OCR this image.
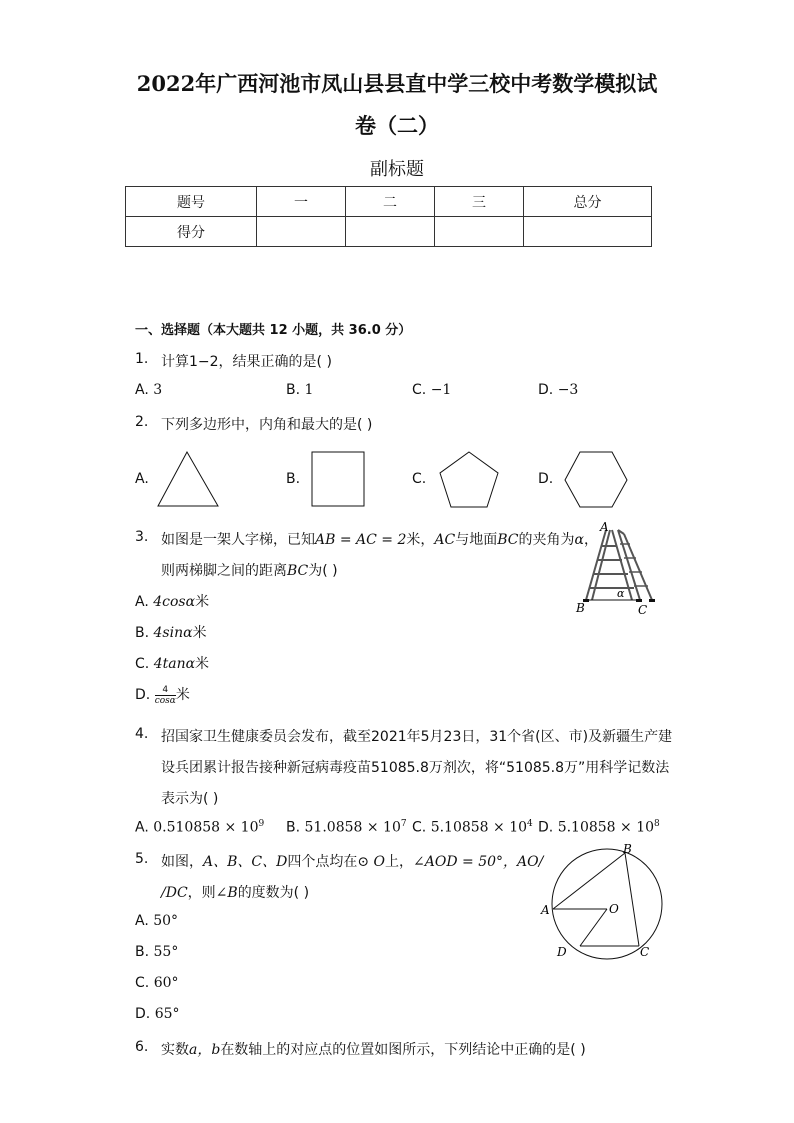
2022年广西河池市凤山县县直中学三校中考数学模拟试
卷（二）
副标题
题号	一	二	三	总分
得分				
一、选择题（本大题共 12 小题，共 36.0 分）
1. 计算1−2，结果正确的是( )
A. 3	B. 1	C. −1	D. −3
2. 下列多边形中，内角和最大的是( )
A.	B.	C.	D.
3. 如图是一架人字梯，已知AB = AC = 2米，AC与地面BC的夹角为α，
则两梯脚之间的距离BC为( )
A. 4cosα米
B. 4sinα米
C. 4tanα米
D. $\frac{4}{\cos\alpha}$ 米
A
B	C
α
4. 招国家卫生健康委员会发布，截至2021年5月23日，31个省(区、市)及新疆生产建
设兵团累计报告接种新冠病毒疫苗51085.8万剂次，将“51085.8万”用科学记数法
表示为( )
A. $0.510858 \times 10^9$ B. $51.0858 \times 10^7$ C. $5.10858 \times 10^4$ D. $5.10858 \times 10^8$
5. 如图，A、B、C、D四个点均在⊙ O上，∠AOD = 50°，AO/
/DC，则∠B的度数为( )
A. 50°
B. 55°
C. 60°
D. 65°
A
B
C
D
O
6. 实数a，b在数轴上的对应点的位置如图所示，下列结论中正确的是( )
